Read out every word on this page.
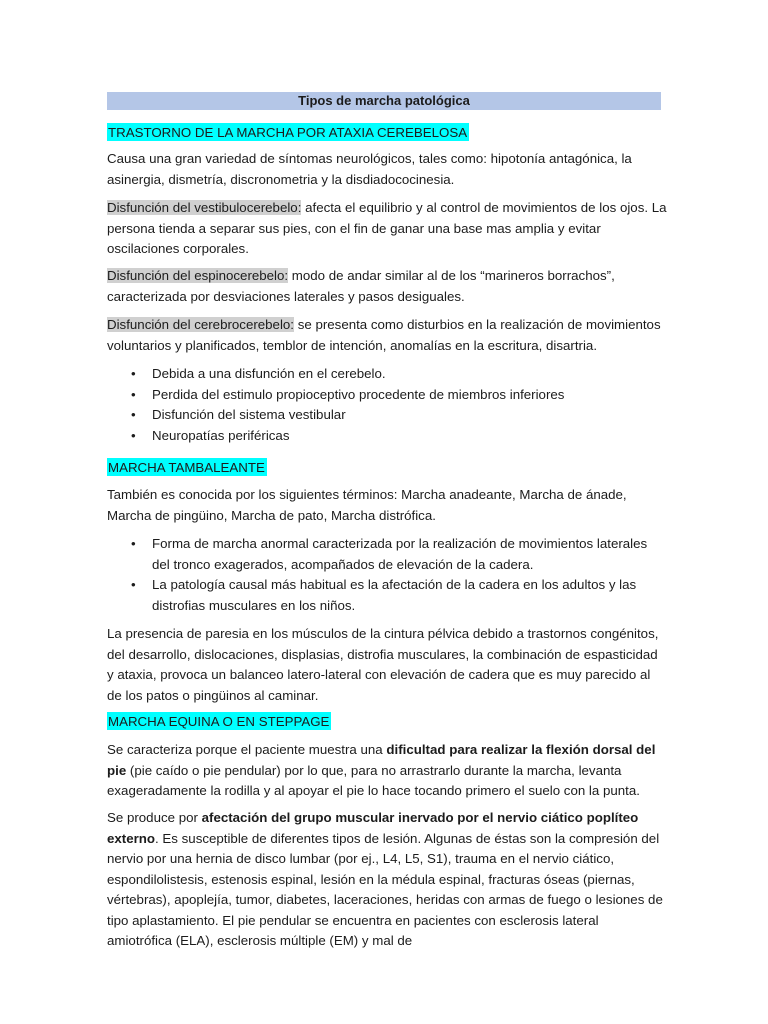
Tipos de marcha patológica
TRASTORNO DE LA MARCHA POR ATAXIA CEREBELOSA

Causa una gran variedad de síntomas neurológicos, tales como: hipotonía antagónica, la asinergia, dismetría, discronometria y la disdiadococinesia.

Disfunción del vestibulocerebelo: afecta el equilibrio y al control de movimientos de los ojos. La persona tienda a separar sus pies, con el fin de ganar una base mas amplia y evitar oscilaciones corporales.

Disfunción del espinocerebelo: modo de andar similar al de los “marineros borrachos”, caracterizada por desviaciones laterales y pasos desiguales.

Disfunción del cerebrocerebelo: se presenta como disturbios en la realización de movimientos voluntarios y planificados, temblor de intención, anomalías en la escritura, disartria.

• Debida a una disfunción en el cerebelo.
• Perdida del estimulo propioceptivo procedente de miembros inferiores
• Disfunción del sistema vestibular
• Neuropatías periféricas
MARCHA TAMBALEANTE

También es conocida por los siguientes términos: Marcha anadeante, Marcha de ánade, Marcha de pingüino, Marcha de pato, Marcha distrófica.

• Forma de marcha anormal caracterizada por la realización de movimientos laterales del tronco exagerados, acompañados de elevación de la cadera.
• La patología causal más habitual es la afectación de la cadera en los adultos y las distrofias musculares en los niños.

La presencia de paresia en los músculos de la cintura pélvica debido a trastornos congénitos, del desarrollo, dislocaciones, displasias, distrofia musculares, la combinación de espasticidad y ataxia, provoca un balanceo latero-lateral con elevación de cadera que es muy parecido al de los patos o pingüinos al caminar.

MARCHA EQUINA O EN STEPPAGE

Se caracteriza porque el paciente muestra una dificultad para realizar la flexión dorsal del pie (pie caído o pie pendular) por lo que, para no arrastrarlo durante la marcha, levanta exageradamente la rodilla y al apoyar el pie lo hace tocando primero el suelo con la punta.

Se produce por afectación del grupo muscular inervado por el nervio ciático poplíteo externo. Es susceptible de diferentes tipos de lesión. Algunas de éstas son la compresión del nervio por una hernia de disco lumbar (por ej., L4, L5, S1), trauma en el nervio ciático, espondilolistesis, estenosis espinal, lesión en la médula espinal, fracturas óseas (piernas, vértebras), apoplejía, tumor, diabetes, laceraciones, heridas con armas de fuego o lesiones de tipo aplastamiento. El pie pendular se encuentra en pacientes con esclerosis lateral amiotrófica (ELA), esclerosis múltiple (EM) y mal de
